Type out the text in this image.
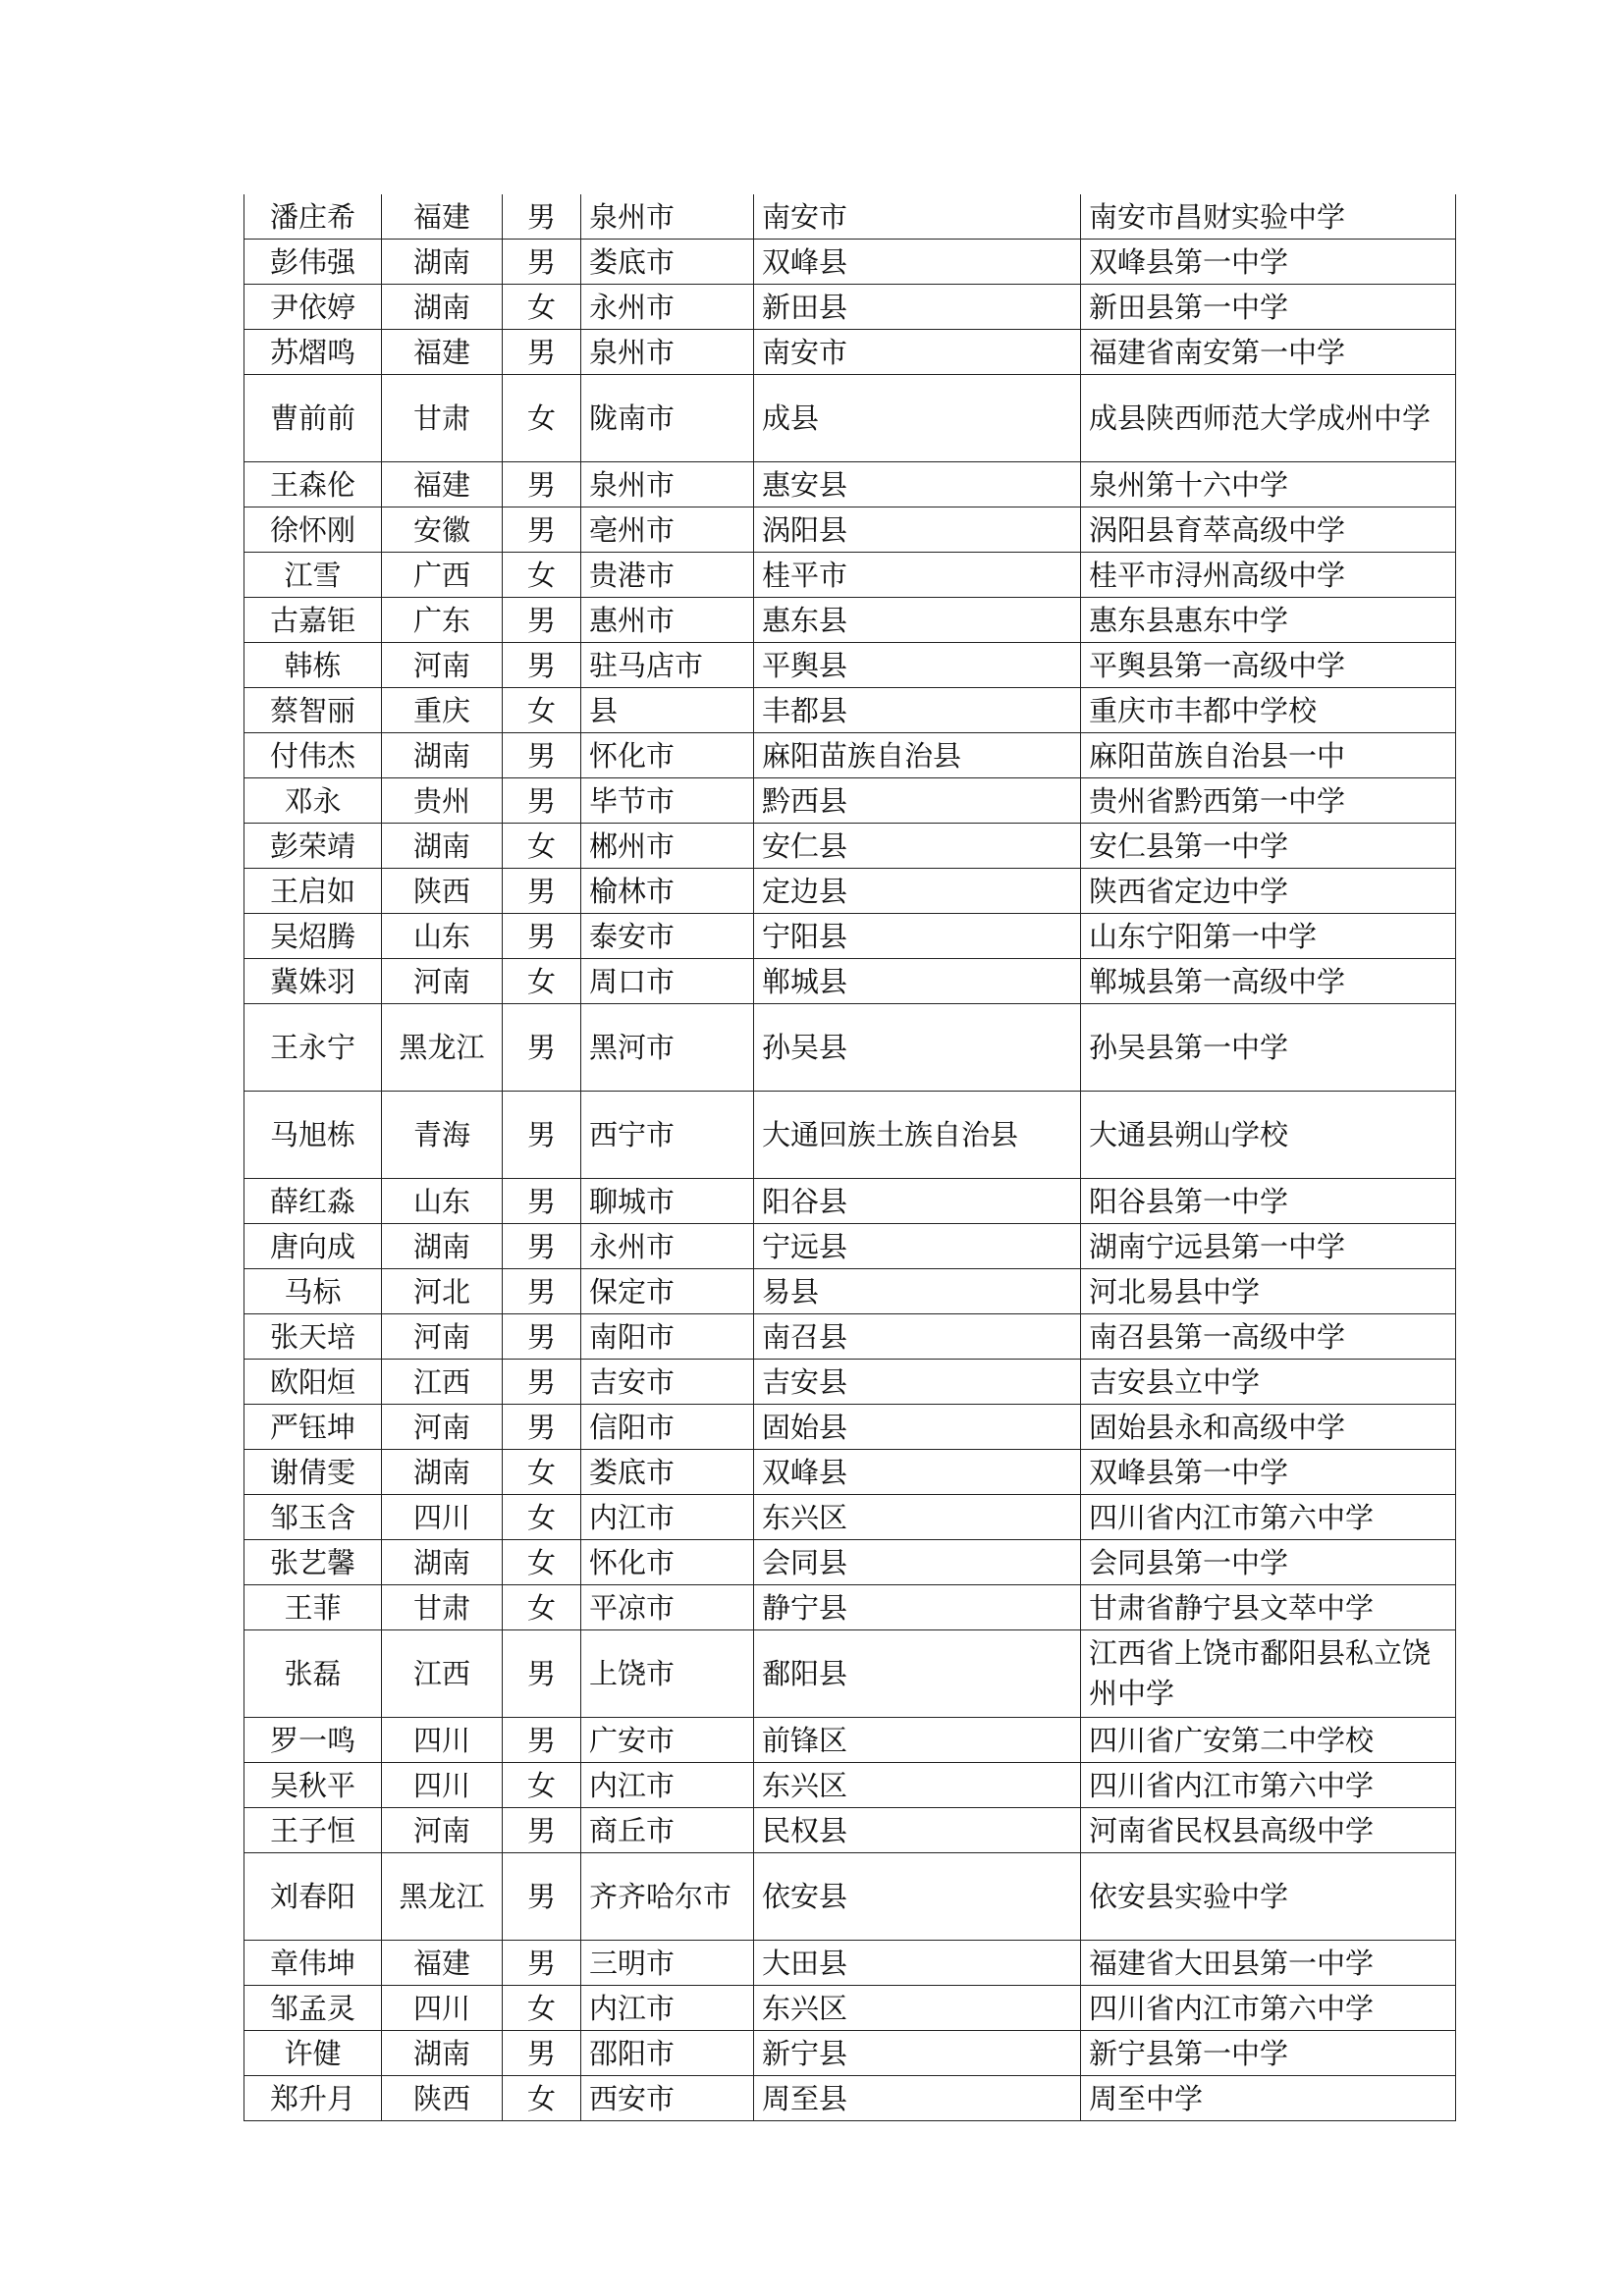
潘庄希	福建	男	泉州市	南安市	南安市昌财实验中学
彭伟强	湖南	男	娄底市	双峰县	双峰县第一中学
尹依婷	湖南	女	永州市	新田县	新田县第一中学
苏熠鸣	福建	男	泉州市	南安市	福建省南安第一中学
曹前前	甘肃	女	陇南市	成县	成县陕西师范大学成州中学
王森伦	福建	男	泉州市	惠安县	泉州第十六中学
徐怀刚	安徽	男	亳州市	涡阳县	涡阳县育萃高级中学
江雪	广西	女	贵港市	桂平市	桂平市浔州高级中学
古嘉钜	广东	男	惠州市	惠东县	惠东县惠东中学
韩栋	河南	男	驻马店市	平舆县	平舆县第一高级中学
蔡智丽	重庆	女	县	丰都县	重庆市丰都中学校
付伟杰	湖南	男	怀化市	麻阳苗族自治县	麻阳苗族自治县一中
邓永	贵州	男	毕节市	黔西县	贵州省黔西第一中学
彭荣靖	湖南	女	郴州市	安仁县	安仁县第一中学
王启如	陕西	男	榆林市	定边县	陕西省定边中学
吴炤腾	山东	男	泰安市	宁阳县	山东宁阳第一中学
冀姝羽	河南	女	周口市	郸城县	郸城县第一高级中学
王永宁	黑龙江	男	黑河市	孙吴县	孙吴县第一中学
马旭栋	青海	男	西宁市	大通回族土族自治县	大通县朔山学校
薛红淼	山东	男	聊城市	阳谷县	阳谷县第一中学
唐向成	湖南	男	永州市	宁远县	湖南宁远县第一中学
马标	河北	男	保定市	易县	河北易县中学
张天培	河南	男	南阳市	南召县	南召县第一高级中学
欧阳烜	江西	男	吉安市	吉安县	吉安县立中学
严钰坤	河南	男	信阳市	固始县	固始县永和高级中学
谢倩雯	湖南	女	娄底市	双峰县	双峰县第一中学
邹玉含	四川	女	内江市	东兴区	四川省内江市第六中学
张艺馨	湖南	女	怀化市	会同县	会同县第一中学
王菲	甘肃	女	平凉市	静宁县	甘肃省静宁县文萃中学
张磊	江西	男	上饶市	鄱阳县	江西省上饶市鄱阳县私立饶州中学
罗一鸣	四川	男	广安市	前锋区	四川省广安第二中学校
吴秋平	四川	女	内江市	东兴区	四川省内江市第六中学
王子恒	河南	男	商丘市	民权县	河南省民权县高级中学
刘春阳	黑龙江	男	齐齐哈尔市	依安县	依安县实验中学
章伟坤	福建	男	三明市	大田县	福建省大田县第一中学
邹孟灵	四川	女	内江市	东兴区	四川省内江市第六中学
许健	湖南	男	邵阳市	新宁县	新宁县第一中学
郑升月	陕西	女	西安市	周至县	周至中学
